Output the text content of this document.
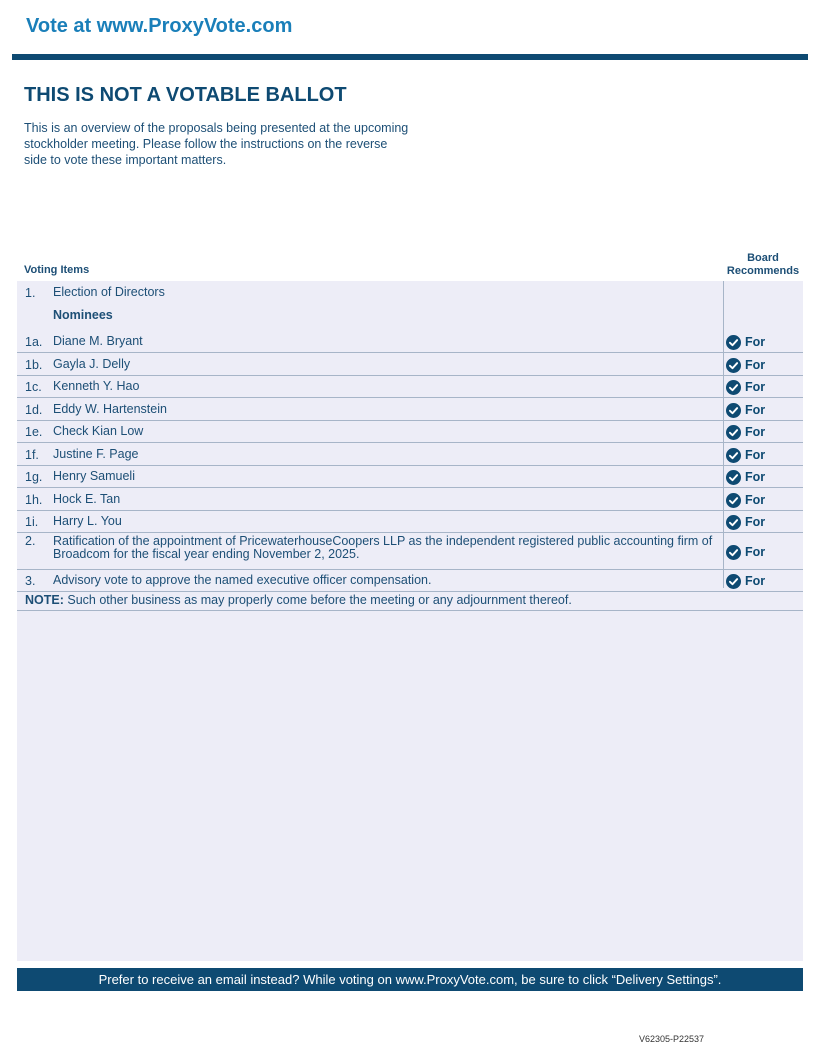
Vote at www.ProxyVote.com
THIS IS NOT A VOTABLE BALLOT
This is an overview of the proposals being presented at the upcoming stockholder meeting. Please follow the instructions on the reverse side to vote these important matters.
Voting Items
Board
Recommends
1. Election of Directors
Nominees
1a. Diane M. Bryant	For
1b. Gayla J. Delly	For
1c. Kenneth Y. Hao	For
1d. Eddy W. Hartenstein	For
1e. Check Kian Low	For
1f. Justine F. Page	For
1g. Henry Samueli	For
1h. Hock E. Tan	For
1i. Harry L. You	For
2. Ratification of the appointment of PricewaterhouseCoopers LLP as the independent registered public accounting firm of Broadcom for the fiscal year ending November 2, 2025.	For
3. Advisory vote to approve the named executive officer compensation.	For
NOTE: Such other business as may properly come before the meeting or any adjournment thereof.
Prefer to receive an email instead? While voting on www.ProxyVote.com, be sure to click “Delivery Settings”.
V62305-P22537
